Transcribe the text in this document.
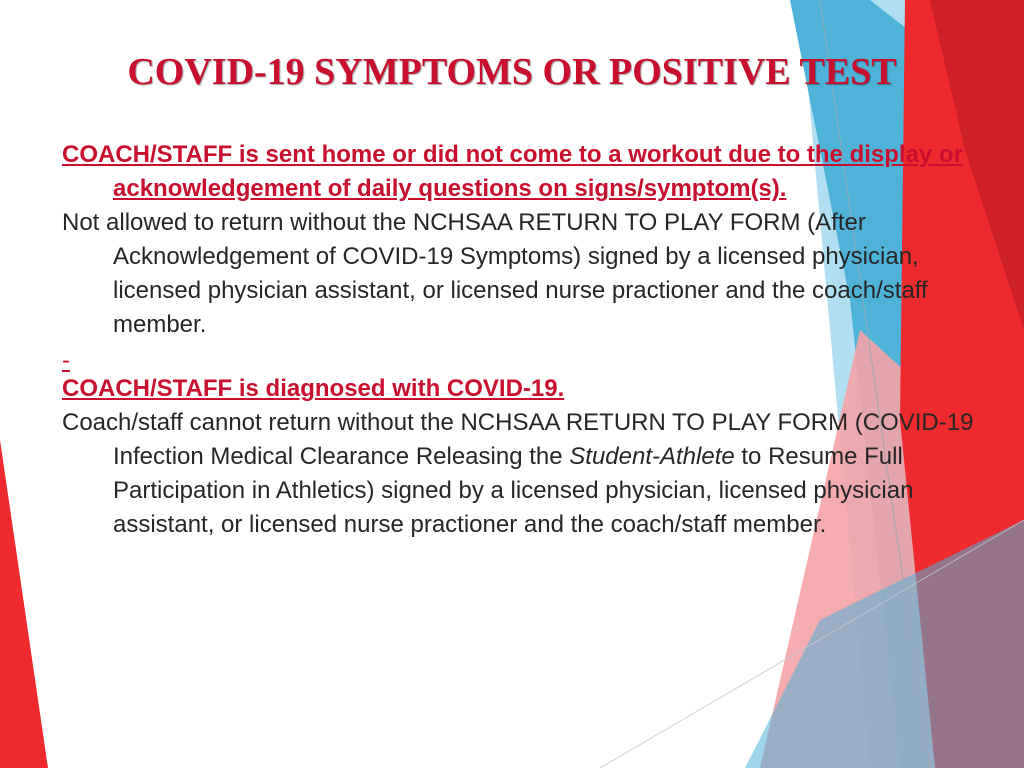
COVID-19 SYMPTOMS OR POSITIVE TEST

COACH/STAFF is sent home or did not come to a workout due to the display or acknowledgement of daily questions on signs/symptom(s).

Not allowed to return without the NCHSAA RETURN TO PLAY FORM (After Acknowledgement of COVID-19 Symptoms) signed by a licensed physician, licensed physician assistant, or licensed nurse practioner and the coach/staff member.

-

COACH/STAFF is diagnosed with COVID-19.

Coach/staff cannot return without the NCHSAA RETURN TO PLAY FORM (COVID-19 Infection Medical Clearance Releasing the Student-Athlete to Resume Full Participation in Athletics) signed by a licensed physician, licensed physician assistant, or licensed nurse practioner and the coach/staff member.
